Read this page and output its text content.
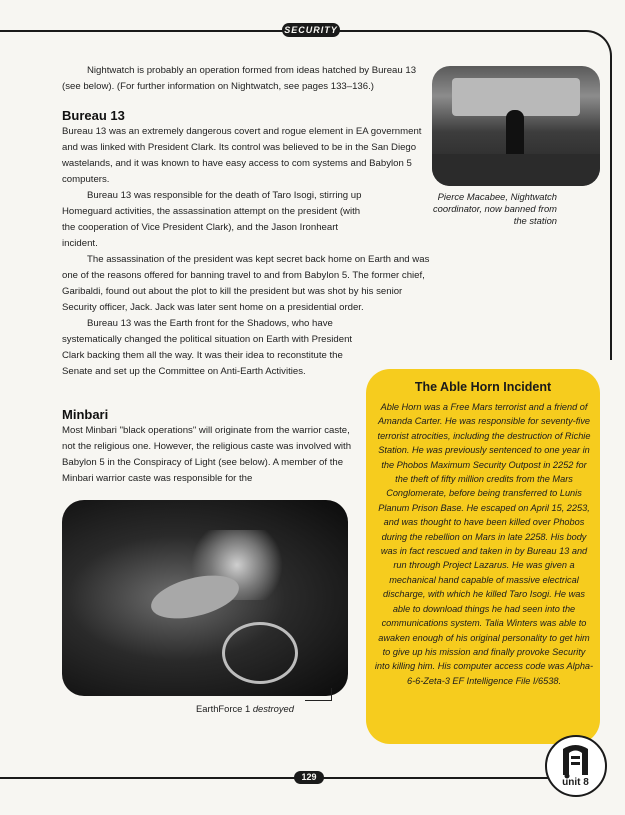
SECURITY

Nightwatch is probably an operation formed from ideas hatched by Bureau 13 (see below). (For further information on Nightwatch, see pages 133–136.)

Bureau 13

Bureau 13 was an extremely dangerous covert and rogue element in EA government and was linked with President Clark. Its control was believed to be in the San Diego wastelands, and it was known to have easy access to com systems and Babylon 5 computers.

Bureau 13 was responsible for the death of Taro Isogi, stirring up Homeguard activities, the assassination attempt on the president (with the cooperation of Vice President Clark), and the Jason Ironheart incident.

The assassination of the president was kept secret back home on Earth and was one of the reasons offered for banning travel to and from Babylon 5. The former chief, Garibaldi, found out about the plot to kill the president but was shot by his senior Security officer, Jack. Jack was later sent home on a presidential order.

Bureau 13 was the Earth front for the Shadows, who have systematically changed the political situation on Earth with President Clark backing them all the way. It was their idea to reconstitute the Senate and set up the Committee on Anti-Earth Activities.

Minbari

Most Minbari "black operations" will originate from the warrior caste, not the religious one. However, the religious caste was involved with Babylon 5 in the Conspiracy of Light (see below). A member of the Minbari warrior caste was responsible for the

Pierce Macabee, Nightwatch coordinator, now banned from the station
EarthForce 1 destroyed
The Able Horn Incident
Able Horn was a Free Mars terrorist and a friend of Amanda Carter. He was responsible for seventy-five terrorist atrocities, including the destruction of Richie Station. He was previously sentenced to one year in the Phobos Maximum Security Outpost in 2252 for the theft of fifty million credits from the Mars Conglomerate, before being transferred to Lunis Planum Prison Base. He escaped on April 15, 2253, and was thought to have been killed over Phobos during the rebellion on Mars in late 2258. His body was in fact rescued and taken in by Bureau 13 and run through Project Lazarus. He was given a mechanical hand capable of massive electrical discharge, with which he killed Taro Isogi. He was able to download things he had seen into the communications system. Talia Winters was able to awaken enough of his original personality to get him to give up his mission and finally provoke Security into killing him. His computer access code was Alpha-6-6-Zeta-3 EF Intelligence File I/6538.
129	unit 8
